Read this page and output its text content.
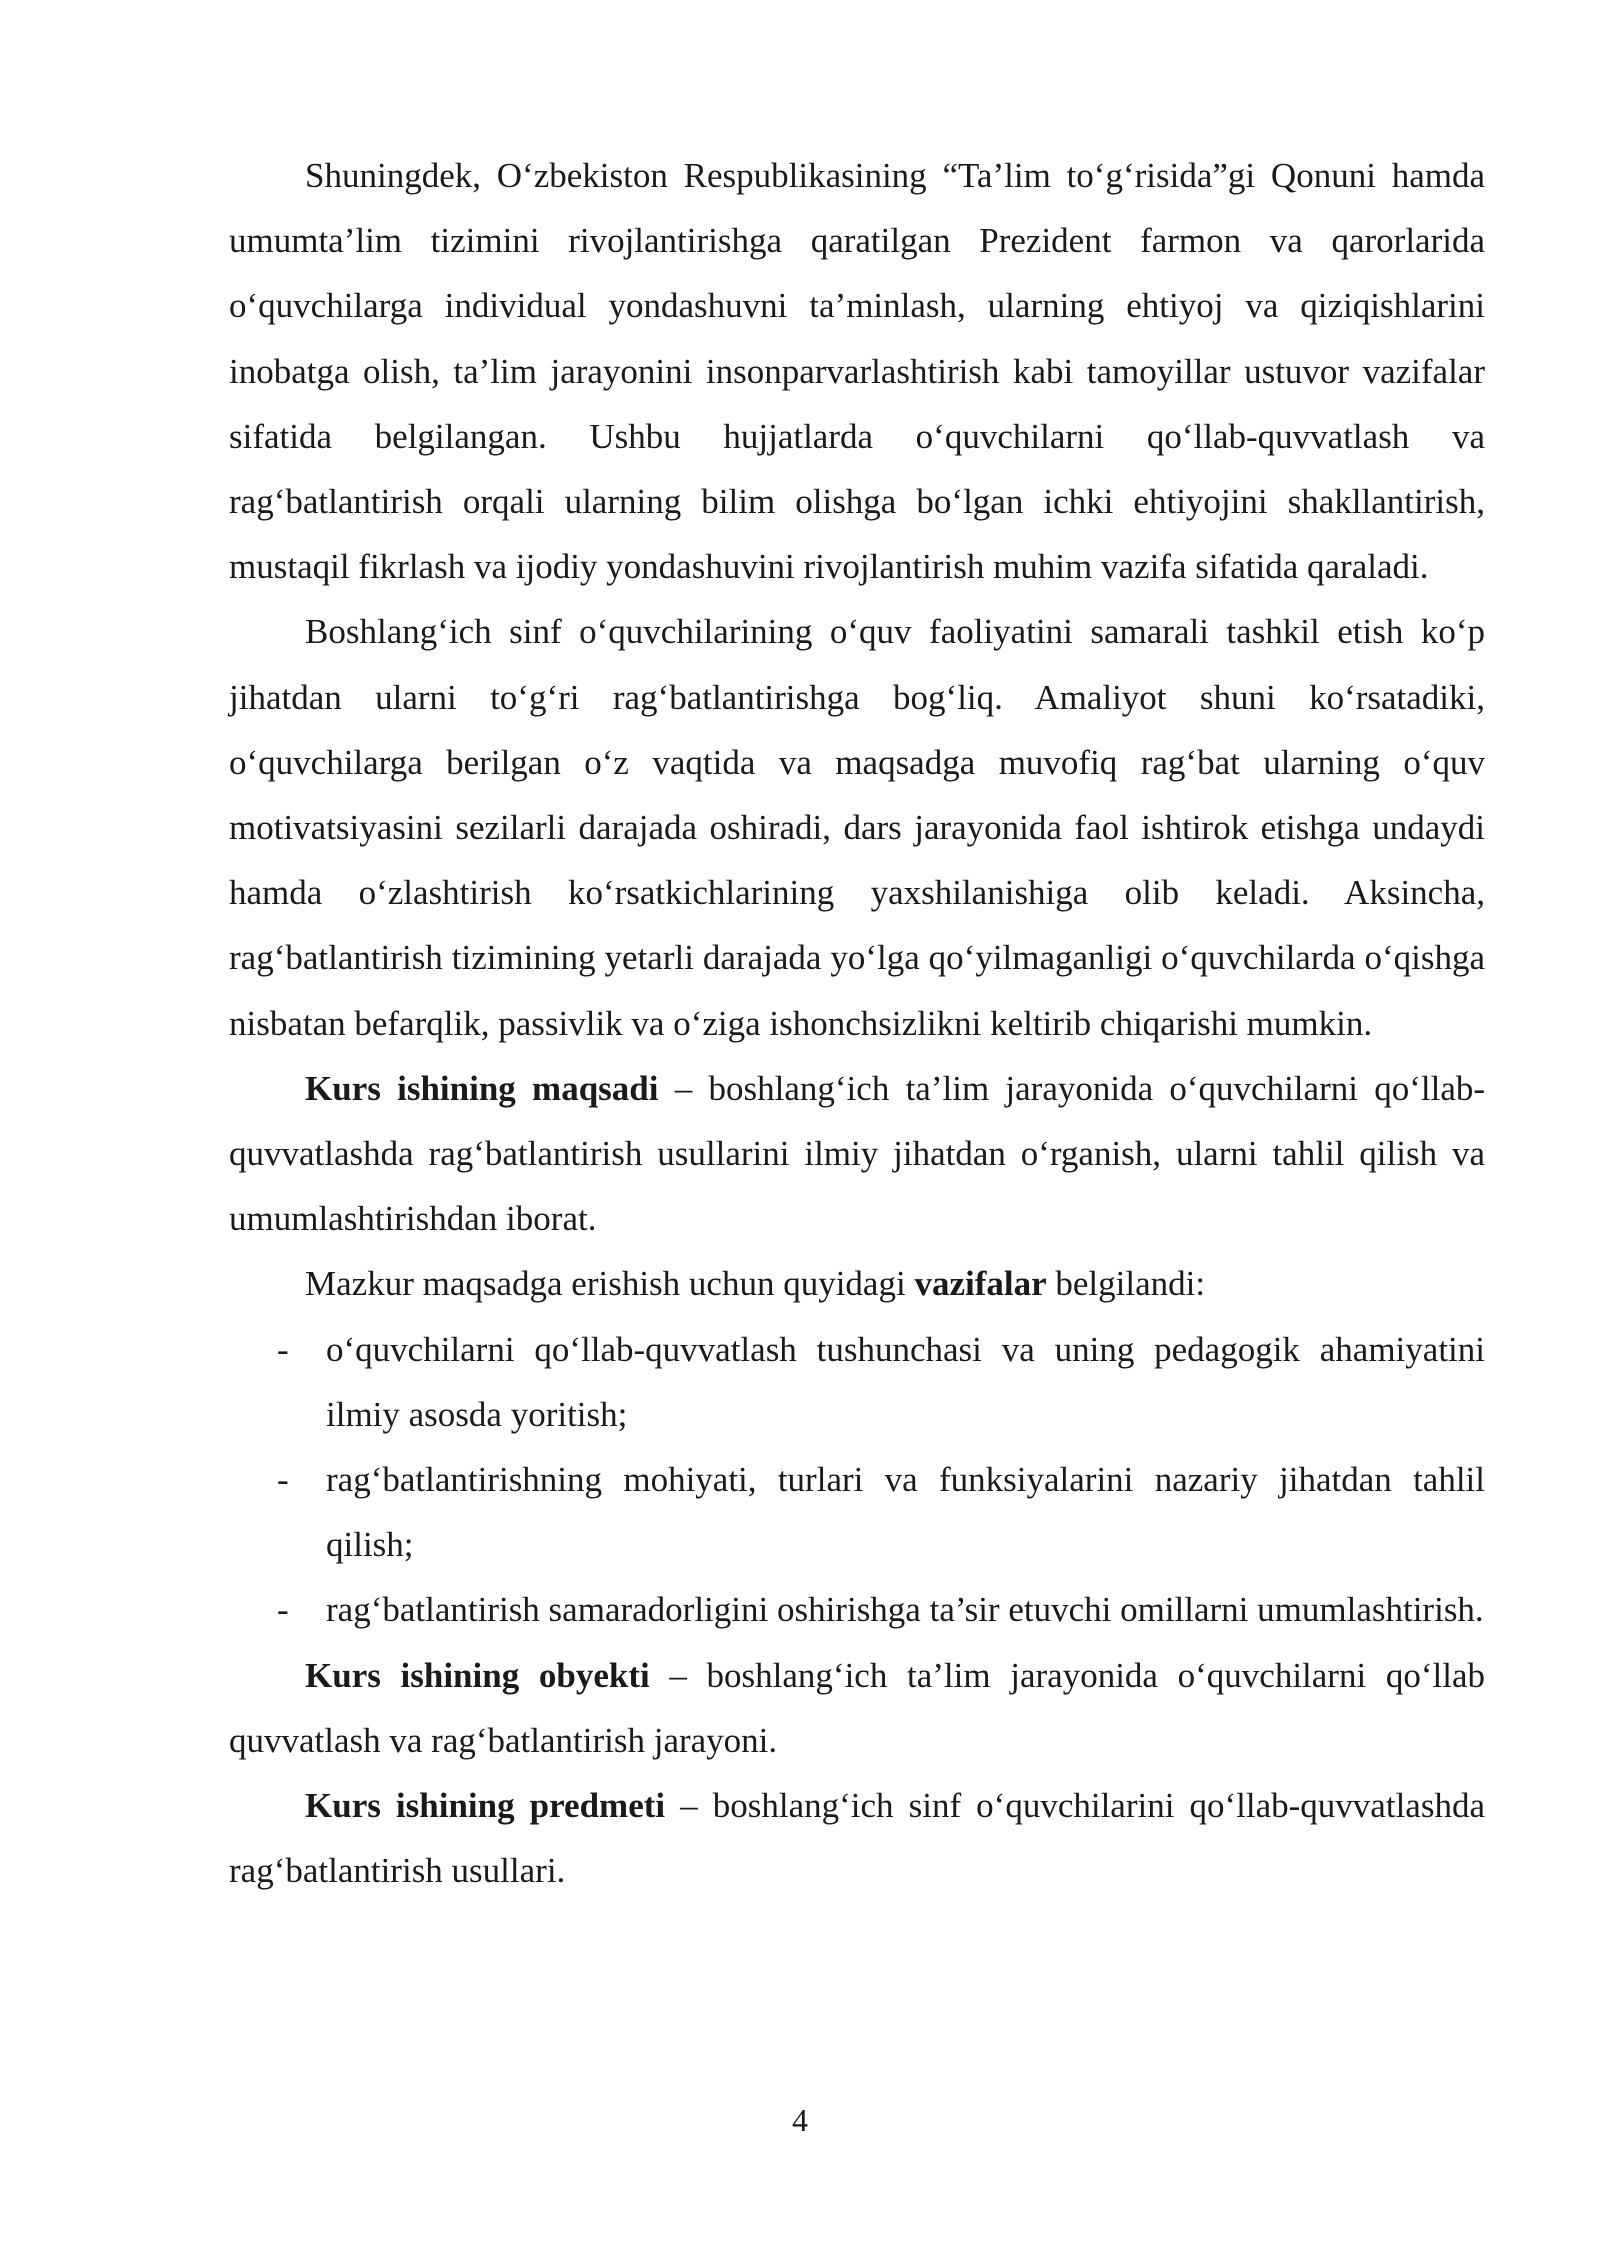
Shuningdek, O‘zbekiston Respublikasining “Ta’lim to‘g‘risida”gi Qonuni hamda umumta’lim tizimini rivojlantirishga qaratilgan Prezident farmon va qarorlarida o‘quvchilarga individual yondashuvni ta’minlash, ularning ehtiyoj va qiziqishlarini inobatga olish, ta’lim jarayonini insonparvarlashtirish kabi tamoyillar ustuvor vazifalar sifatida belgilangan. Ushbu hujjatlarda o‘quvchilarni qo‘llab-quvvatlash va rag‘batlantirish orqali ularning bilim olishga bo‘lgan ichki ehtiyojini shakllantirish, mustaqil fikrlash va ijodiy yondashuvini rivojlantirish muhim vazifa sifatida qaraladi.

Boshlang‘ich sinf o‘quvchilarining o‘quv faoliyatini samarali tashkil etish ko‘p jihatdan ularni to‘g‘ri rag‘batlantirishga bog‘liq. Amaliyot shuni ko‘rsatadiki, o‘quvchilarga berilgan o‘z vaqtida va maqsadga muvofiq rag‘bat ularning o‘quv motivatsiyasini sezilarli darajada oshiradi, dars jarayonida faol ishtirok etishga undaydi hamda o‘zlashtirish ko‘rsatkichlarining yaxshilanishiga olib keladi. Aksincha, rag‘batlantirish tizimining yetarli darajada yo‘lga qo‘yilmaganligi o‘quvchilarda o‘qishga nisbatan befarqlik, passivlik va o‘ziga ishonchsizlikni keltirib chiqarishi mumkin.

Kurs ishining maqsadi – boshlang‘ich ta’lim jarayonida o‘quvchilarni qo‘llab-quvvatlashda rag‘batlantirish usullarini ilmiy jihatdan o‘rganish, ularni tahlil qilish va umumlashtirishdan iborat.

Mazkur maqsadga erishish uchun quyidagi vazifalar belgilandi:

- o‘quvchilarni qo‘llab-quvvatlash tushunchasi va uning pedagogik ahamiyatini ilmiy asosda yoritish;
- rag‘batlantirishning mohiyati, turlari va funksiyalarini nazariy jihatdan tahlil qilish;
- rag‘batlantirish samaradorligini oshirishga ta’sir etuvchi omillarni umumlashtirish.

Kurs ishining obyekti – boshlang‘ich ta’lim jarayonida o‘quvchilarni qo‘llab quvvatlash va rag‘batlantirish jarayoni.

Kurs ishining predmeti – boshlang‘ich sinf o‘quvchilarini qo‘llab-quvvatlashda rag‘batlantirish usullari.

4
